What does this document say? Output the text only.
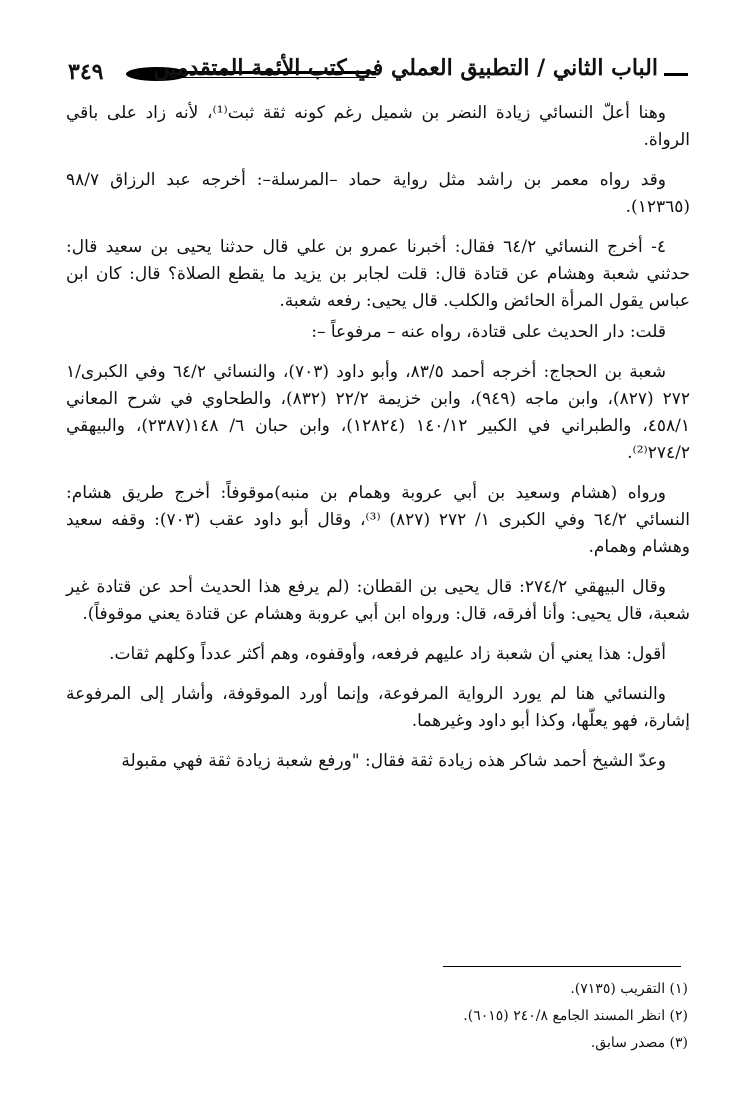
٣٤٩ الباب الثاني / التطبيق العملي في كتب الأئمة المتقدمين

وهنا أعلّ النسائي زيادة النضر بن شميل رغم كونه ثقة ثبت⁽¹⁾، لأنه زاد على باقي الرواة.

وقد رواه معمر بن راشد مثل رواية حماد –المرسلة–: أخرجه عبد الرزاق ٩٨/٧ (١٢٣٦٥).

٤- أخرج النسائي ٦٤/٢ فقال: أخبرنا عمرو بن علي قال حدثنا يحيى بن سعيد قال: حدثني شعبة وهشام عن قتادة قال: قلت لجابر بن يزيد ما يقطع الصلاة؟ قال: كان ابن عباس يقول المرأة الحائض والكلب. قال يحيى: رفعه شعبة.

قلت: دار الحديث على قتادة، رواه عنه – مرفوعاً –:

شعبة بن الحجاج: أخرجه أحمد ٨٣/٥، وأبو داود (٧٠٣)، والنسائي ٦٤/٢ وفي الكبرى/١ ٢٧٢ (٨٢٧)، وابن ماجه (٩٤٩)، وابن خزيمة ٢٢/٢ (٨٣٢)، والطحاوي في شرح المعاني ٤٥٨/١، والطبراني في الكبير ١٤٠/١٢ (١٢٨٢٤)، وابن حبان ٦/ ١٤٨(٢٣٨٧)، والبيهقي ٢٧٤/٢⁽²⁾.

ورواه (هشام وسعيد بن أبي عروبة وهمام بن منبه)موقوفاً: أخرج طريق هشام: النسائي ٦٤/٢ وفي الكبرى ١/ ٢٧٢ (٨٢٧) ⁽³⁾، وقال أبو داود عقب (٧٠٣): وقفه سعيد وهشام وهمام.

وقال البيهقي ٢٧٤/٢: قال يحيى بن القطان: (لم يرفع هذا الحديث أحد عن قتادة غير شعبة، قال يحيى: وأنا أفرقه، قال: ورواه ابن أبي عروبة وهشام عن قتادة يعني موقوفاً).

أقول: هذا يعني أن شعبة زاد عليهم فرفعه، وأوقفوه، وهم أكثر عدداً وكلهم ثقات.

والنسائي هنا لم يورد الرواية المرفوعة، وإنما أورد الموقوفة، وأشار إلى المرفوعة إشارة، فهو يعلّها، وكذا أبو داود وغيرهما.

وعدّ الشيخ أحمد شاكر هذه زيادة ثقة فقال: "ورفع شعبة زيادة ثقة فهي مقبولة

(١) التقريب (٧١٣٥).

(٢) انظر المسند الجامع ٢٤٠/٨ (٦٠١٥).

(٣) مصدر سابق.
